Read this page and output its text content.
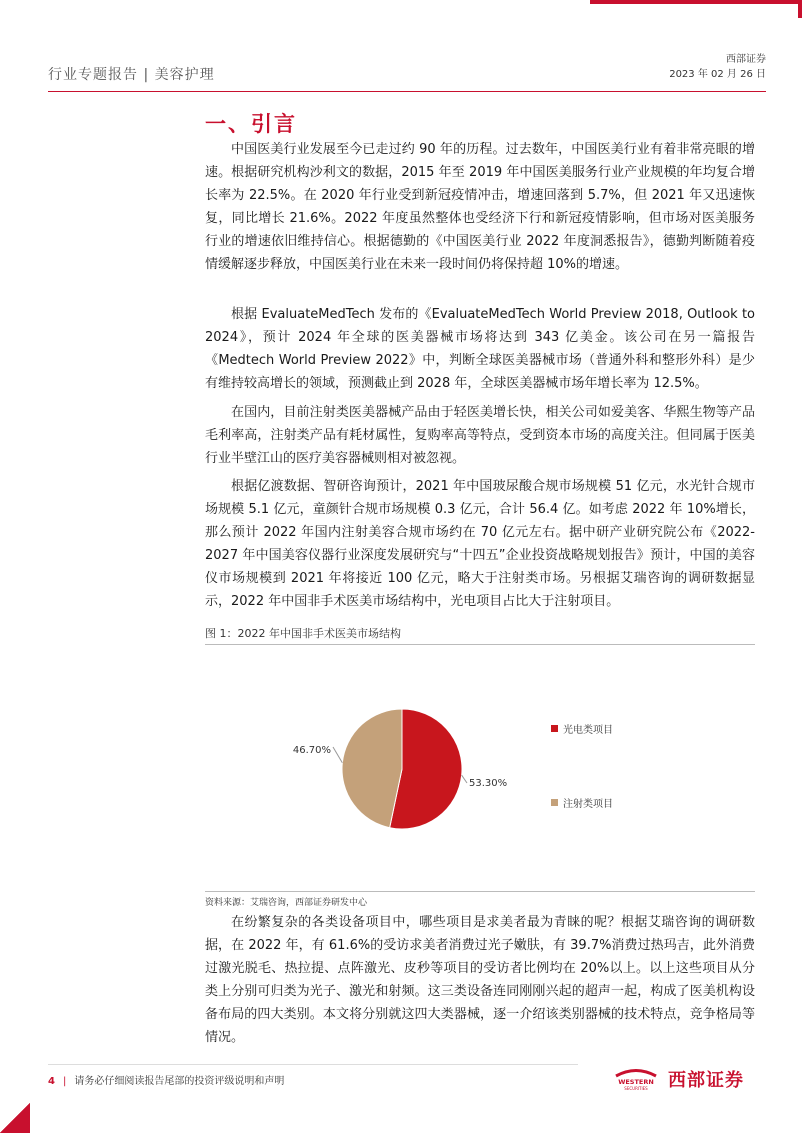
行业专题报告 | 美容护理
西部证券
2023 年 02 月 26 日
一、引言

中国医美行业发展至今已走过约 90 年的历程。过去数年，中国医美行业有着非常亮眼的增速。根据研究机构沙利文的数据，2015 年至 2019 年中国医美服务行业产业规模的年均复合增长率为 22.5%。在 2020 年行业受到新冠疫情冲击，增速回落到 5.7%，但 2021 年又迅速恢复，同比增长 21.6%。2022 年度虽然整体也受经济下行和新冠疫情影响，但市场对医美服务行业的增速依旧维持信心。根据德勤的《中国医美行业 2022 年度洞悉报告》，德勤判断随着疫情缓解逐步释放，中国医美行业在未来一段时间仍将保持超 10%的增速。

根据 EvaluateMedTech 发布的《EvaluateMedTech World Preview 2018, Outlook to 2024》，预计 2024 年全球的医美器械市场将达到 343 亿美金。该公司在另一篇报告《Medtech World Preview 2022》中，判断全球医美器械市场（普通外科和整形外科）是少有维持较高增长的领域，预测截止到 2028 年，全球医美器械市场年增长率为 12.5%。

在国内，目前注射类医美器械产品由于轻医美增长快，相关公司如爱美客、华熙生物等产品毛利率高，注射类产品有耗材属性，复购率高等特点，受到资本市场的高度关注。但同属于医美行业半壁江山的医疗美容器械则相对被忽视。

根据亿渡数据、智研咨询预计，2021 年中国玻尿酸合规市场规模 51 亿元，水光针合规市场规模 5.1 亿元，童颜针合规市场规模 0.3 亿元，合计 56.4 亿。如考虑 2022 年 10%增长，那么预计 2022 年国内注射美容合规市场约在 70 亿元左右。据中研产业研究院公布《2022-2027 年中国美容仪器行业深度发展研究与“十四五”企业投资战略规划报告》预计，中国的美容仪市场规模到 2021 年将接近 100 亿元，略大于注射类市场。另根据艾瑞咨询的调研数据显示，2022 年中国非手术医美市场结构中，光电项目占比大于注射项目。

图 1：2022 年中国非手术医美市场结构
53.30%
46.70%
光电类项目
注射类项目
资料来源：艾瑞咨询，西部证券研发中心

在纷繁复杂的各类设备项目中，哪些项目是求美者最为青睐的呢？根据艾瑞咨询的调研数据，在 2022 年，有 61.6%的受访求美者消费过光子嫩肤，有 39.7%消费过热玛吉，此外消费过激光脱毛、热拉提、点阵激光、皮秒等项目的受访者比例均在 20%以上。以上这些项目从分类上分别可归类为光子、激光和射频。这三类设备连同刚刚兴起的超声一起，构成了医美机构设备布局的四大类别。本文将分别就这四大类器械，逐一介绍该类别器械的技术特点，竞争格局等情况。

4 | 请务必仔细阅读报告尾部的投资评级说明和声明	WESTERN
SECURITIES 西部证券
